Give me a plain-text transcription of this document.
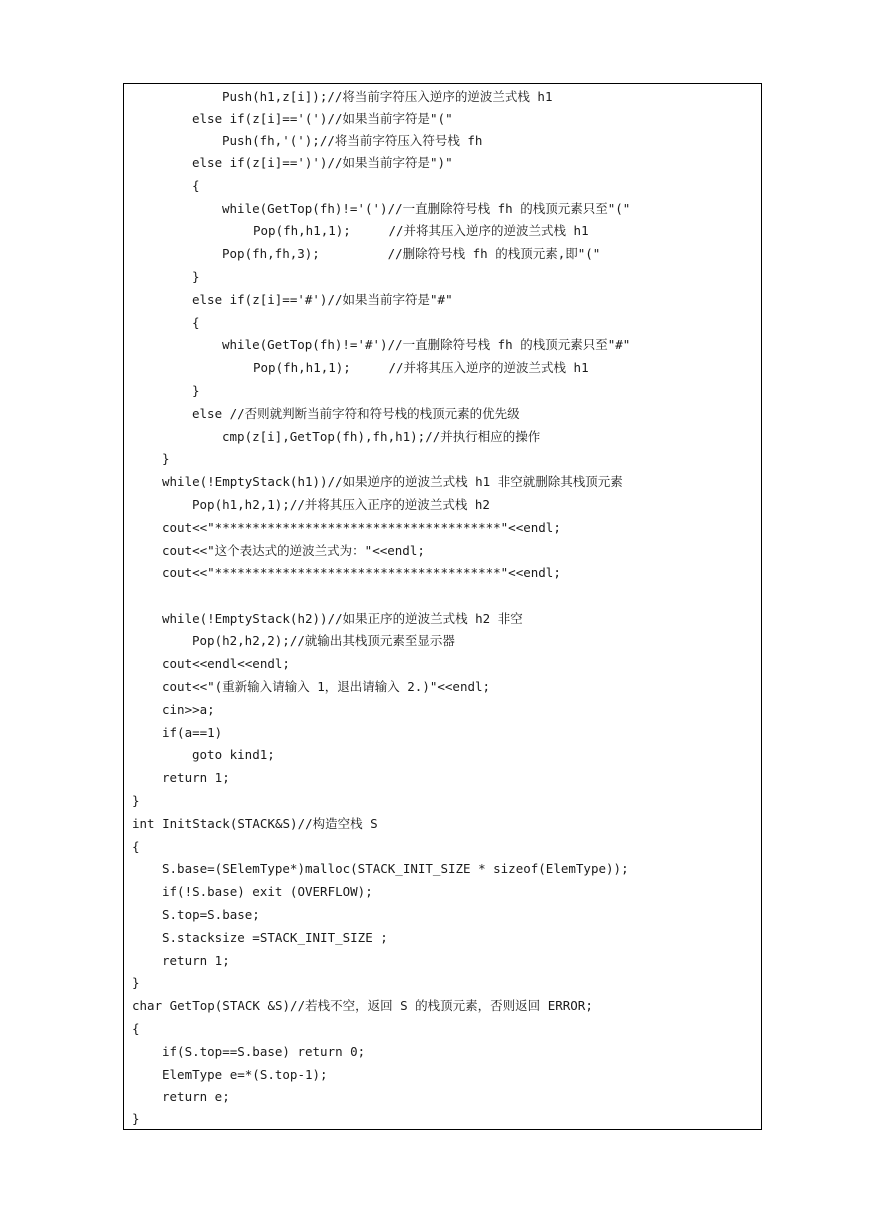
Push(h1,z[i]);//将当前字符压入逆序的逆波兰式栈 h1
else if(z[i]=='(')//如果当前字符是"("
Push(fh,'(');//将当前字符压入符号栈 fh
else if(z[i]==')')//如果当前字符是")"
{
while(GetTop(fh)!='(')//一直删除符号栈 fh 的栈顶元素只至"("
Pop(fh,h1,1);     //并将其压入逆序的逆波兰式栈 h1
Pop(fh,fh,3);         //删除符号栈 fh 的栈顶元素,即"("
}
else if(z[i]=='#')//如果当前字符是"#"
{
while(GetTop(fh)!='#')//一直删除符号栈 fh 的栈顶元素只至"#"
Pop(fh,h1,1);     //并将其压入逆序的逆波兰式栈 h1
}
else //否则就判断当前字符和符号栈的栈顶元素的优先级
cmp(z[i],GetTop(fh),fh,h1);//并执行相应的操作
}
while(!EmptyStack(h1))//如果逆序的逆波兰式栈 h1 非空就删除其栈顶元素
Pop(h1,h2,1);//并将其压入正序的逆波兰式栈 h2
cout<<"**************************************"<<endl;
cout<<"这个表达式的逆波兰式为："<<endl;
cout<<"**************************************"<<endl;
while(!EmptyStack(h2))//如果正序的逆波兰式栈 h2 非空
Pop(h2,h2,2);//就输出其栈顶元素至显示器
cout<<endl<<endl;
cout<<"(重新输入请输入 1，退出请输入 2.)"<<endl;
cin>>a;
if(a==1)
goto kind1;
return 1;
}
int InitStack(STACK&S)//构造空栈 S
{
S.base=(SElemType*)malloc(STACK_INIT_SIZE * sizeof(ElemType));
if(!S.base) exit (OVERFLOW);
S.top=S.base;
S.stacksize =STACK_INIT_SIZE ;
return 1;
}
char GetTop(STACK &S)//若栈不空，返回 S 的栈顶元素，否则返回 ERROR;
{
if(S.top==S.base) return 0;
ElemType e=*(S.top-1);
return e;
}
